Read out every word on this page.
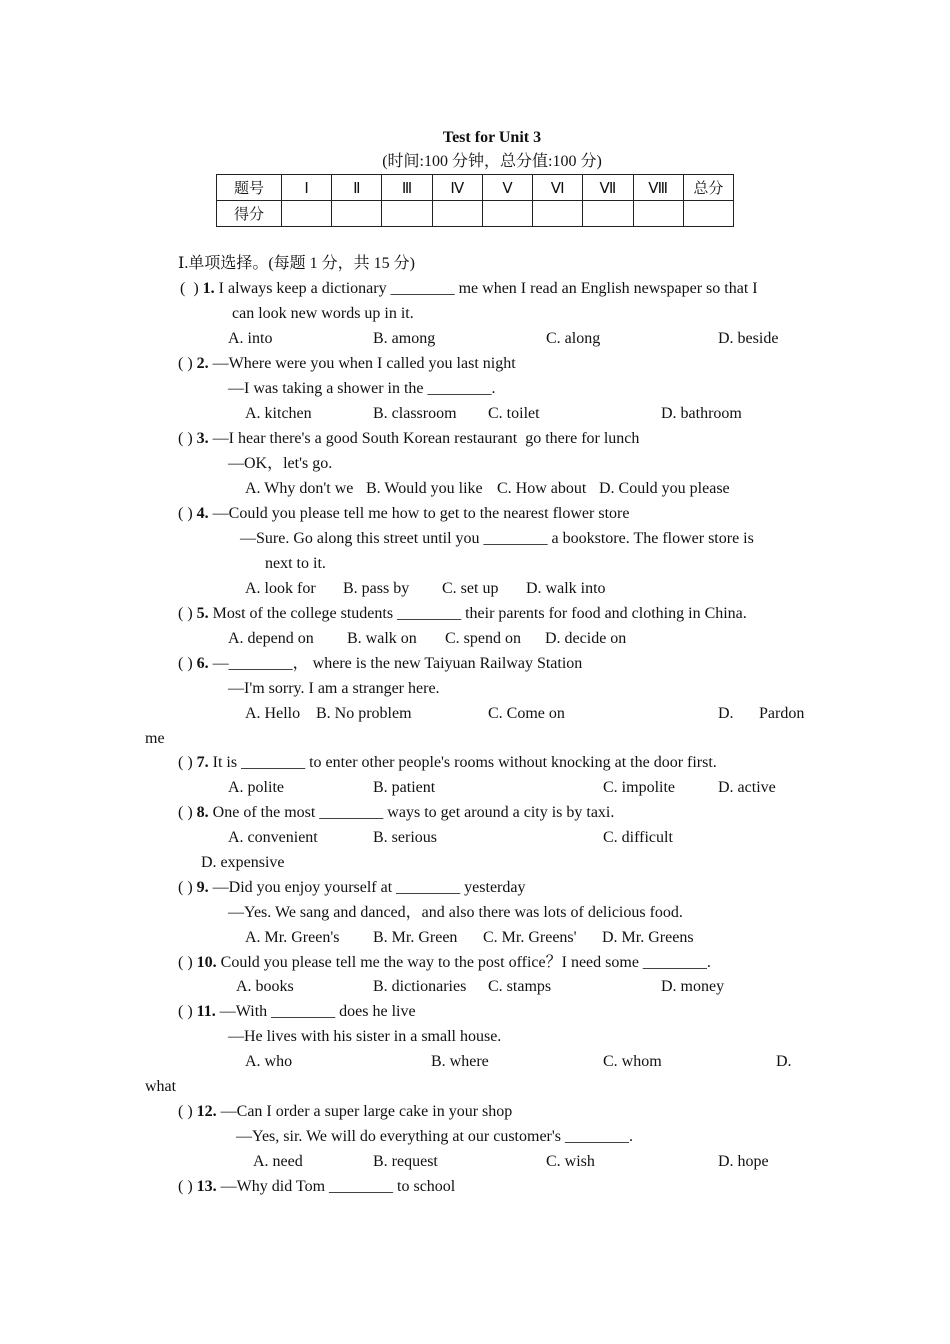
Test for Unit 3
(时间:100 分钟，总分值:100 分)
题号	Ⅰ	Ⅱ	Ⅲ	Ⅳ	Ⅴ	Ⅵ	Ⅶ	Ⅷ	总分
得分									
Ⅰ.单项选择。(每题 1 分，共 15 分)
(  ) 1. I always keep a dictionary ________ me when I read an English newspaper so that I
can look new words up in it.
A. into	B. among	C. along	D. beside
( ) 2. —Where were you when I called you last night
—I was taking a shower in the ________.
A. kitchen	B. classroom C. toilet	D. bathroom
( ) 3. —I hear there's a good South Korean restaurant  go there for lunch
—OK，let's go.
A. Why don't we B. Would you like C. How about D. Could you please
( ) 4. —Could you please tell me how to get to the nearest flower store
—Sure. Go along this street until you ________ a bookstore. The flower store is
next to it.
A. look for B. pass by C. set up D. walk into
( ) 5. Most of the college students ________ their parents for food and clothing in China.
A. depend on B. walk on C. spend on D. decide on
( ) 6. —________， where is the new Taiyuan Railway Station
—I'm sorry. I am a stranger here.
A. Hello B. No problem	C. Come on	D. Pardon
me
( ) 7. It is ________ to enter other people's rooms without knocking at the door first.
A. polite	B. patient	C. impolite	D. active
( ) 8. One of the most ________ ways to get around a city is by taxi.
A. convenient	B. serious	C. difficult
D. expensive
( ) 9. —Did you enjoy yourself at ________ yesterday
—Yes. We sang and danced，and also there was lots of delicious food.
A. Mr. Green's B. Mr. Green C. Mr. Greens' D. Mr. Greens
( ) 10. Could you please tell me the way to the post office？I need some ________.
A. books	B. dictionaries C. stamps	D. money
( ) 11. —With ________ does he live
—He lives with his sister in a small house.
A. who	B. where	C. whom	D.
what
( ) 12. —Can I order a super large cake in your shop
—Yes, sir. We will do everything at our customer's ________.
A. need	B. request	C. wish	D. hope
( ) 13. —Why did Tom ________ to school
